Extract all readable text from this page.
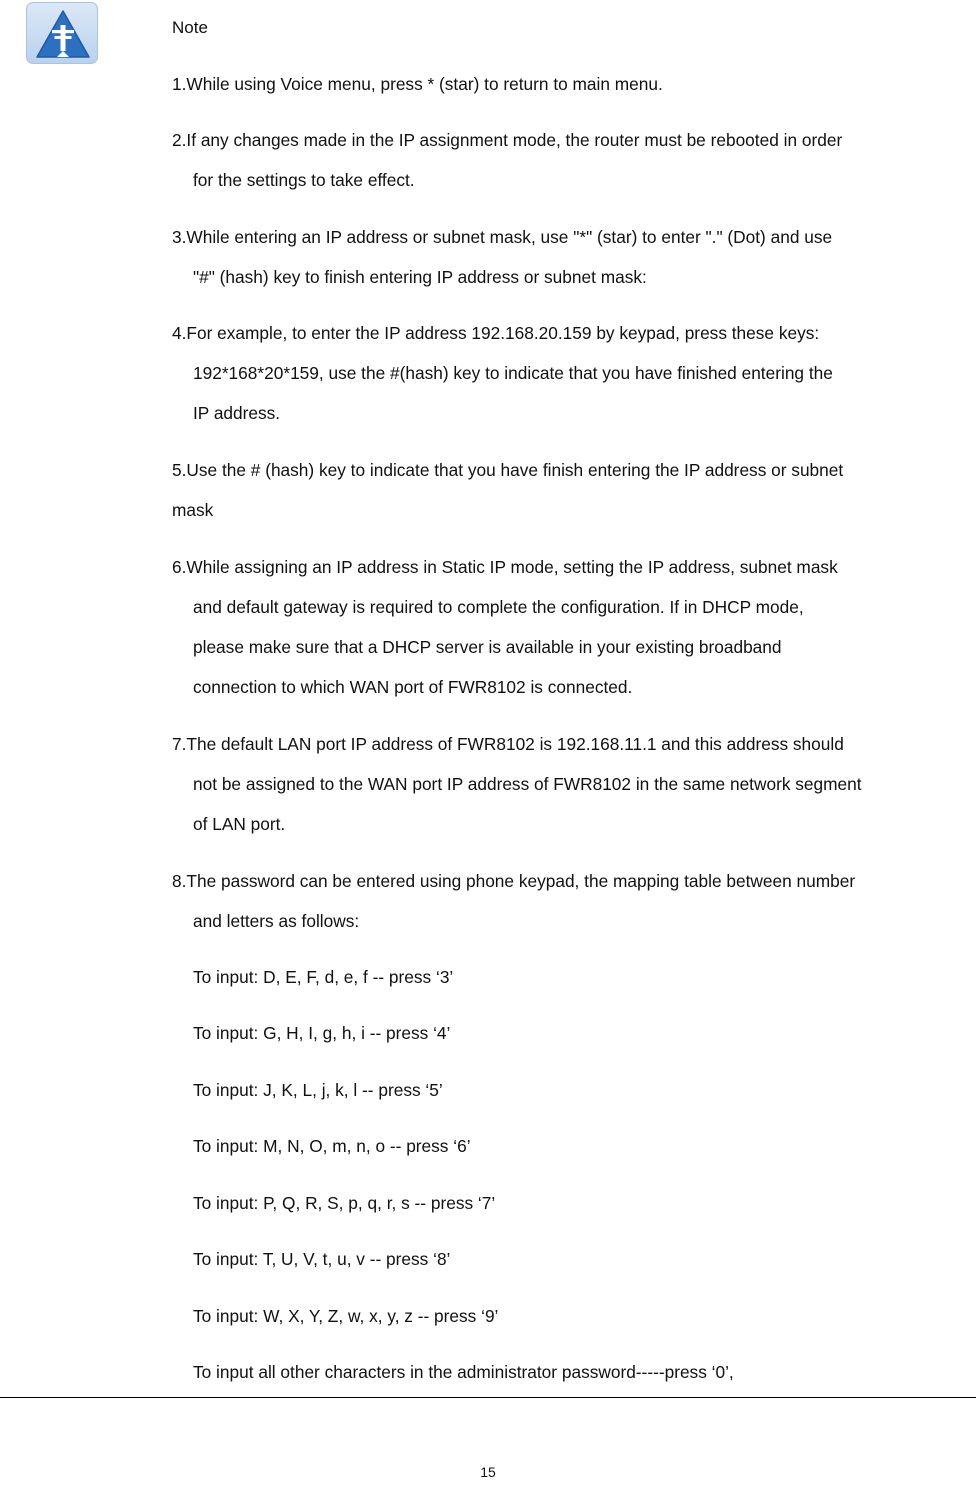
Note
1.While using Voice menu, press * (star) to return to main menu.
2.If any changes made in the IP assignment mode, the router must be rebooted in order
for the settings to take effect.
3.While entering an IP address or subnet mask, use "*" (star) to enter "." (Dot) and use
"#" (hash) key to finish entering IP address or subnet mask:
4.For example, to enter the IP address 192.168.20.159 by keypad, press these keys:
192*168*20*159, use the #(hash) key to indicate that you have finished entering the
IP address.
5.Use the # (hash) key to indicate that you have finish entering the IP address or subnet
mask
6.While assigning an IP address in Static IP mode, setting the IP address, subnet mask
and default gateway is required to complete the configuration. If in DHCP mode,
please make sure that a DHCP server is available in your existing broadband
connection to which WAN port of FWR8102 is connected.
7.The default LAN port IP address of FWR8102 is 192.168.11.1 and this address should
not be assigned to the WAN port IP address of FWR8102 in the same network segment
of LAN port.
8.The password can be entered using phone keypad, the mapping table between number
and letters as follows:
To input: D, E, F, d, e, f -- press ‘3’
To input: G, H, I, g, h, i -- press ‘4’
To input: J, K, L, j, k, l -- press ‘5’
To input: M, N, O, m, n, o -- press ‘6’
To input: P, Q, R, S, p, q, r, s -- press ‘7’
To input: T, U, V, t, u, v -- press ‘8’
To input: W, X, Y, Z, w, x, y, z -- press ‘9’
To input all other characters in the administrator password-----press ‘0’,
15
